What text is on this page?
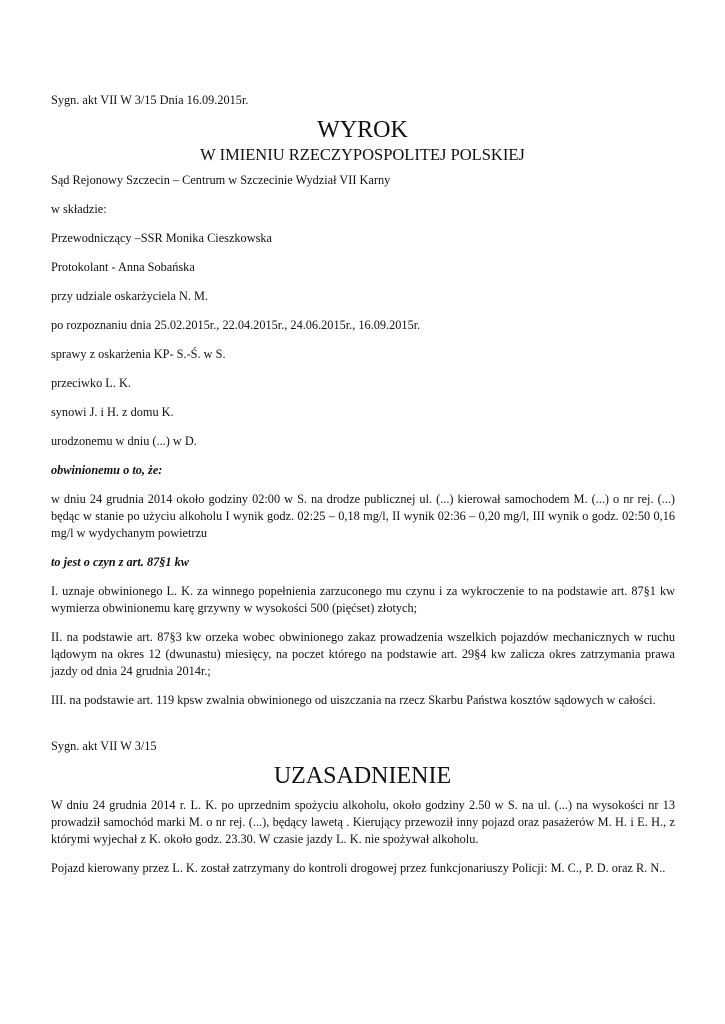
Sygn. akt VII W 3/15 Dnia 16.09.2015r.

WYROK
W IMIENIU RZECZYPOSPOLITEJ POLSKIEJ

Sąd Rejonowy Szczecin – Centrum w Szczecinie Wydział VII Karny

w składzie:

Przewodniczący –SSR Monika Cieszkowska

Protokolant - Anna Sobańska

przy udziale oskarżyciela N. M.

po rozpoznaniu dnia 25.02.2015r., 22.04.2015r., 24.06.2015r., 16.09.2015r.

sprawy z oskarżenia KP- S.-Ś. w S.

przeciwko L. K.

synowi J. i H. z domu K.

urodzonemu w dniu (...) w D.

obwinionemu o to, że:

w dniu 24 grudnia 2014 około godziny 02:00 w S. na drodze publicznej ul. (...) kierował samochodem M. (...) o nr rej. (...) będąc w stanie po użyciu alkoholu I wynik godz. 02:25 – 0,18 mg/l, II wynik 02:36 – 0,20 mg/l, III wynik o godz. 02:50 0,16 mg/l w wydychanym powietrzu

to jest o czyn z art. 87§1 kw

I. uznaje obwinionego L. K. za winnego popełnienia zarzuconego mu czynu i za wykroczenie to na podstawie art. 87§1 kw wymierza obwinionemu karę grzywny w wysokości 500 (pięćset) złotych;

II. na podstawie art. 87§3 kw orzeka wobec obwinionego zakaz prowadzenia wszelkich pojazdów mechanicznych w ruchu lądowym na okres 12 (dwunastu) miesięcy, na poczet którego na podstawie art. 29§4 kw zalicza okres zatrzymania prawa jazdy od dnia 24 grudnia 2014r.;

III. na podstawie art. 119 kpsw zwalnia obwinionego od uiszczania na rzecz Skarbu Państwa kosztów sądowych w całości.

Sygn. akt VII W 3/15

UZASADNIENIE

W dniu 24 grudnia 2014 r. L. K. po uprzednim spożyciu alkoholu, około godziny 2.50 w S. na ul. (...) na wysokości nr 13 prowadził samochód marki M. o nr rej. (...), będący lawetą . Kierujący przewoził inny pojazd oraz pasażerów M. H. i E. H., z którymi wyjechał z K. około godz. 23.30. W czasie jazdy L. K. nie spożywał alkoholu.

Pojazd kierowany przez L. K. został zatrzymany do kontroli drogowej przez funkcjonariuszy Policji: M. C., P. D. oraz R. N..
